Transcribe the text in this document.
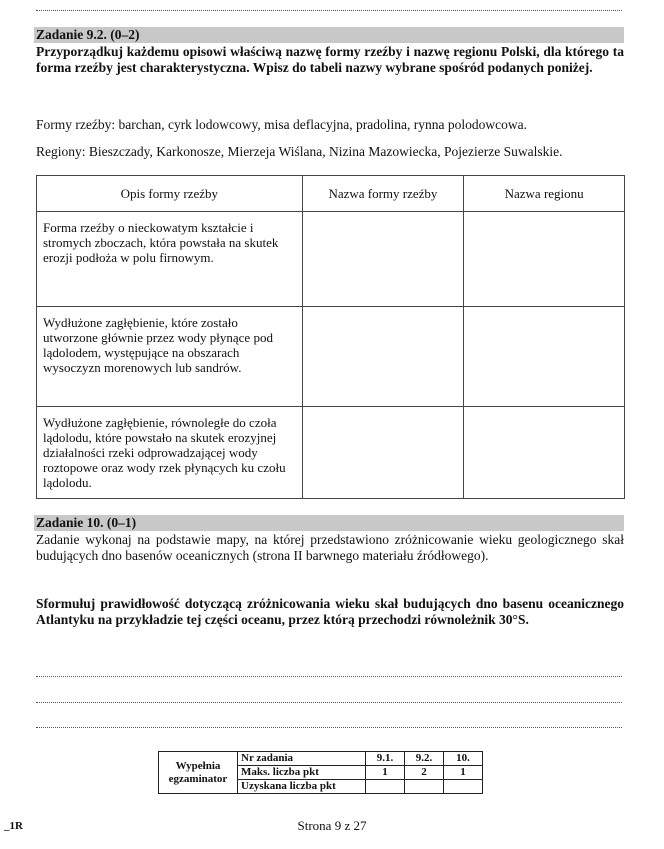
Zadanie 9.2. (0–2)
Przyporządkuj każdemu opisowi właściwą nazwę formy rzeźby i nazwę regionu Polski, dla którego ta forma rzeźby jest charakterystyczna. Wpisz do tabeli nazwy wybrane spośród podanych poniżej.
Formy rzeźby: barchan, cyrk lodowcowy, misa deflacyjna, pradolina, rynna polodowcowa.
Regiony: Bieszczady, Karkonosze, Mierzeja Wiślana, Nizina Mazowiecka, Pojezierze Suwalskie.
Opis formy rzeźby	Nazwa formy rzeźby	Nazwa regionu
Forma rzeźby o nieckowatym kształcie i stromych zboczach, która powstała na skutek erozji podłoża w polu firnowym.		
Wydłużone zagłębienie, które zostało utworzone głównie przez wody płynące pod lądolodem, występujące na obszarach wysoczyzn morenowych lub sandrów.		
Wydłużone zagłębienie, równoległe do czoła lądolodu, które powstało na skutek erozyjnej działalności rzeki odprowadzającej wody roztopowe oraz wody rzek płynących ku czołu lądolodu.		
Zadanie 10. (0–1)
Zadanie wykonaj na podstawie mapy, na której przedstawiono zróżnicowanie wieku geologicznego skał budujących dno basenów oceanicznych (strona II barwnego materiału źródłowego).
Sformułuj prawidłowość dotyczącą zróżnicowania wieku skał budujących dno basenu oceanicznego Atlantyku na przykładzie tej części oceanu, przez którą przechodzi równoleżnik 30°S.
Wypełnia egzaminator	Nr zadania	9.1.	9.2.	10.
	Maks. liczba pkt	1	2	1
	Uzyskana liczba pkt			
_1R	Strona 9 z 27
